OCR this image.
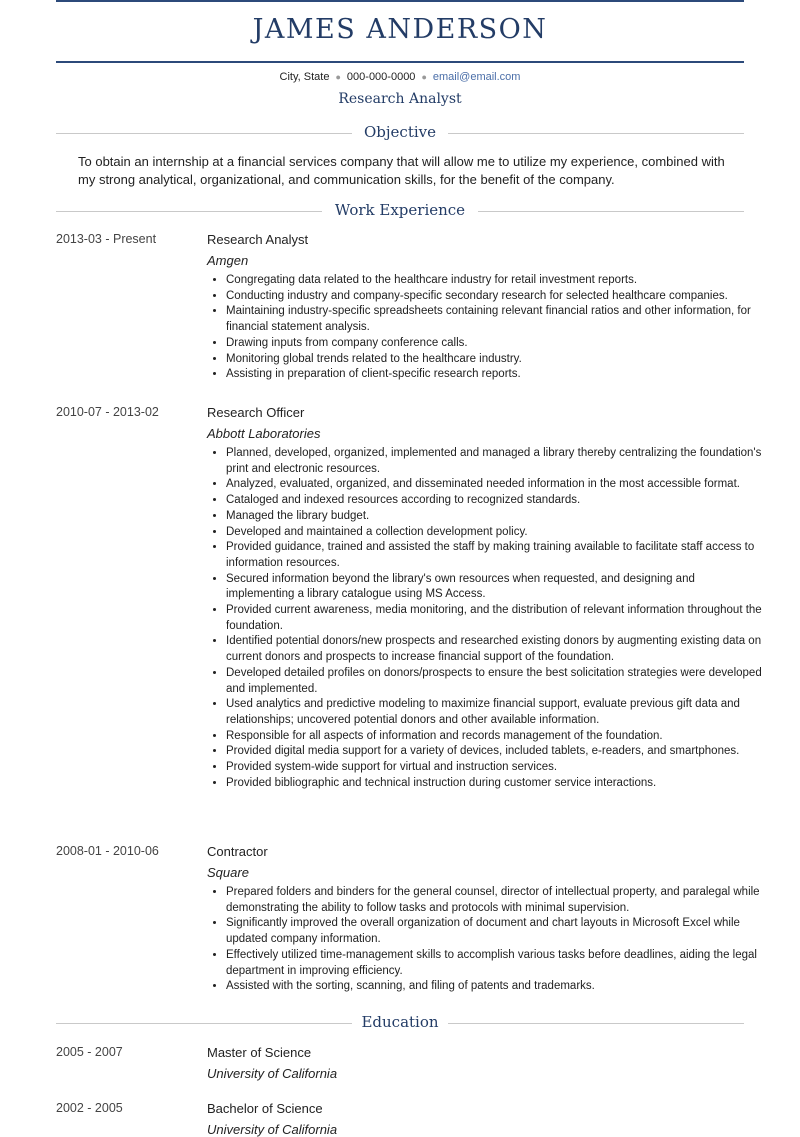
JAMES ANDERSON
City, State ● 000-000-0000 ● email@email.com
Research Analyst
Objective
To obtain an internship at a financial services company that will allow me to utilize my experience, combined with my strong analytical, organizational, and communication skills, for the benefit of the company.
Work Experience
2013-03 - Present	Research Analyst
Amgen
• Congregating data related to the healthcare industry for retail investment reports.
• Conducting industry and company-specific secondary research for selected healthcare companies.
• Maintaining industry-specific spreadsheets containing relevant financial ratios and other information, for financial statement analysis.
• Drawing inputs from company conference calls.
• Monitoring global trends related to the healthcare industry.
• Assisting in preparation of client-specific research reports.
2010-07 - 2013-02	Research Officer
Abbott Laboratories
• Planned, developed, organized, implemented and managed a library thereby centralizing the foundation's print and electronic resources.
• Analyzed, evaluated, organized, and disseminated needed information in the most accessible format.
• Cataloged and indexed resources according to recognized standards.
• Managed the library budget.
• Developed and maintained a collection development policy.
• Provided guidance, trained and assisted the staff by making training available to facilitate staff access to information resources.
• Secured information beyond the library's own resources when requested, and designing and implementing a library catalogue using MS Access.
• Provided current awareness, media monitoring, and the distribution of relevant information throughout the foundation.
• Identified potential donors/new prospects and researched existing donors by augmenting existing data on current donors and prospects to increase financial support of the foundation.
• Developed detailed profiles on donors/prospects to ensure the best solicitation strategies were developed and implemented.
• Used analytics and predictive modeling to maximize financial support, evaluate previous gift data and relationships; uncovered potential donors and other available information.
• Responsible for all aspects of information and records management of the foundation.
• Provided digital media support for a variety of devices, included tablets, e-readers, and smartphones.
• Provided system-wide support for virtual and instruction services.
• Provided bibliographic and technical instruction during customer service interactions.
2008-01 - 2010-06	Contractor
Square
• Prepared folders and binders for the general counsel, director of intellectual property, and paralegal while demonstrating the ability to follow tasks and protocols with minimal supervision.
• Significantly improved the overall organization of document and chart layouts in Microsoft Excel while updated company information.
• Effectively utilized time-management skills to accomplish various tasks before deadlines, aiding the legal department in improving efficiency.
• Assisted with the sorting, scanning, and filing of patents and trademarks.
Education
2005 - 2007	Master of Science
University of California
2002 - 2005	Bachelor of Science
University of California
